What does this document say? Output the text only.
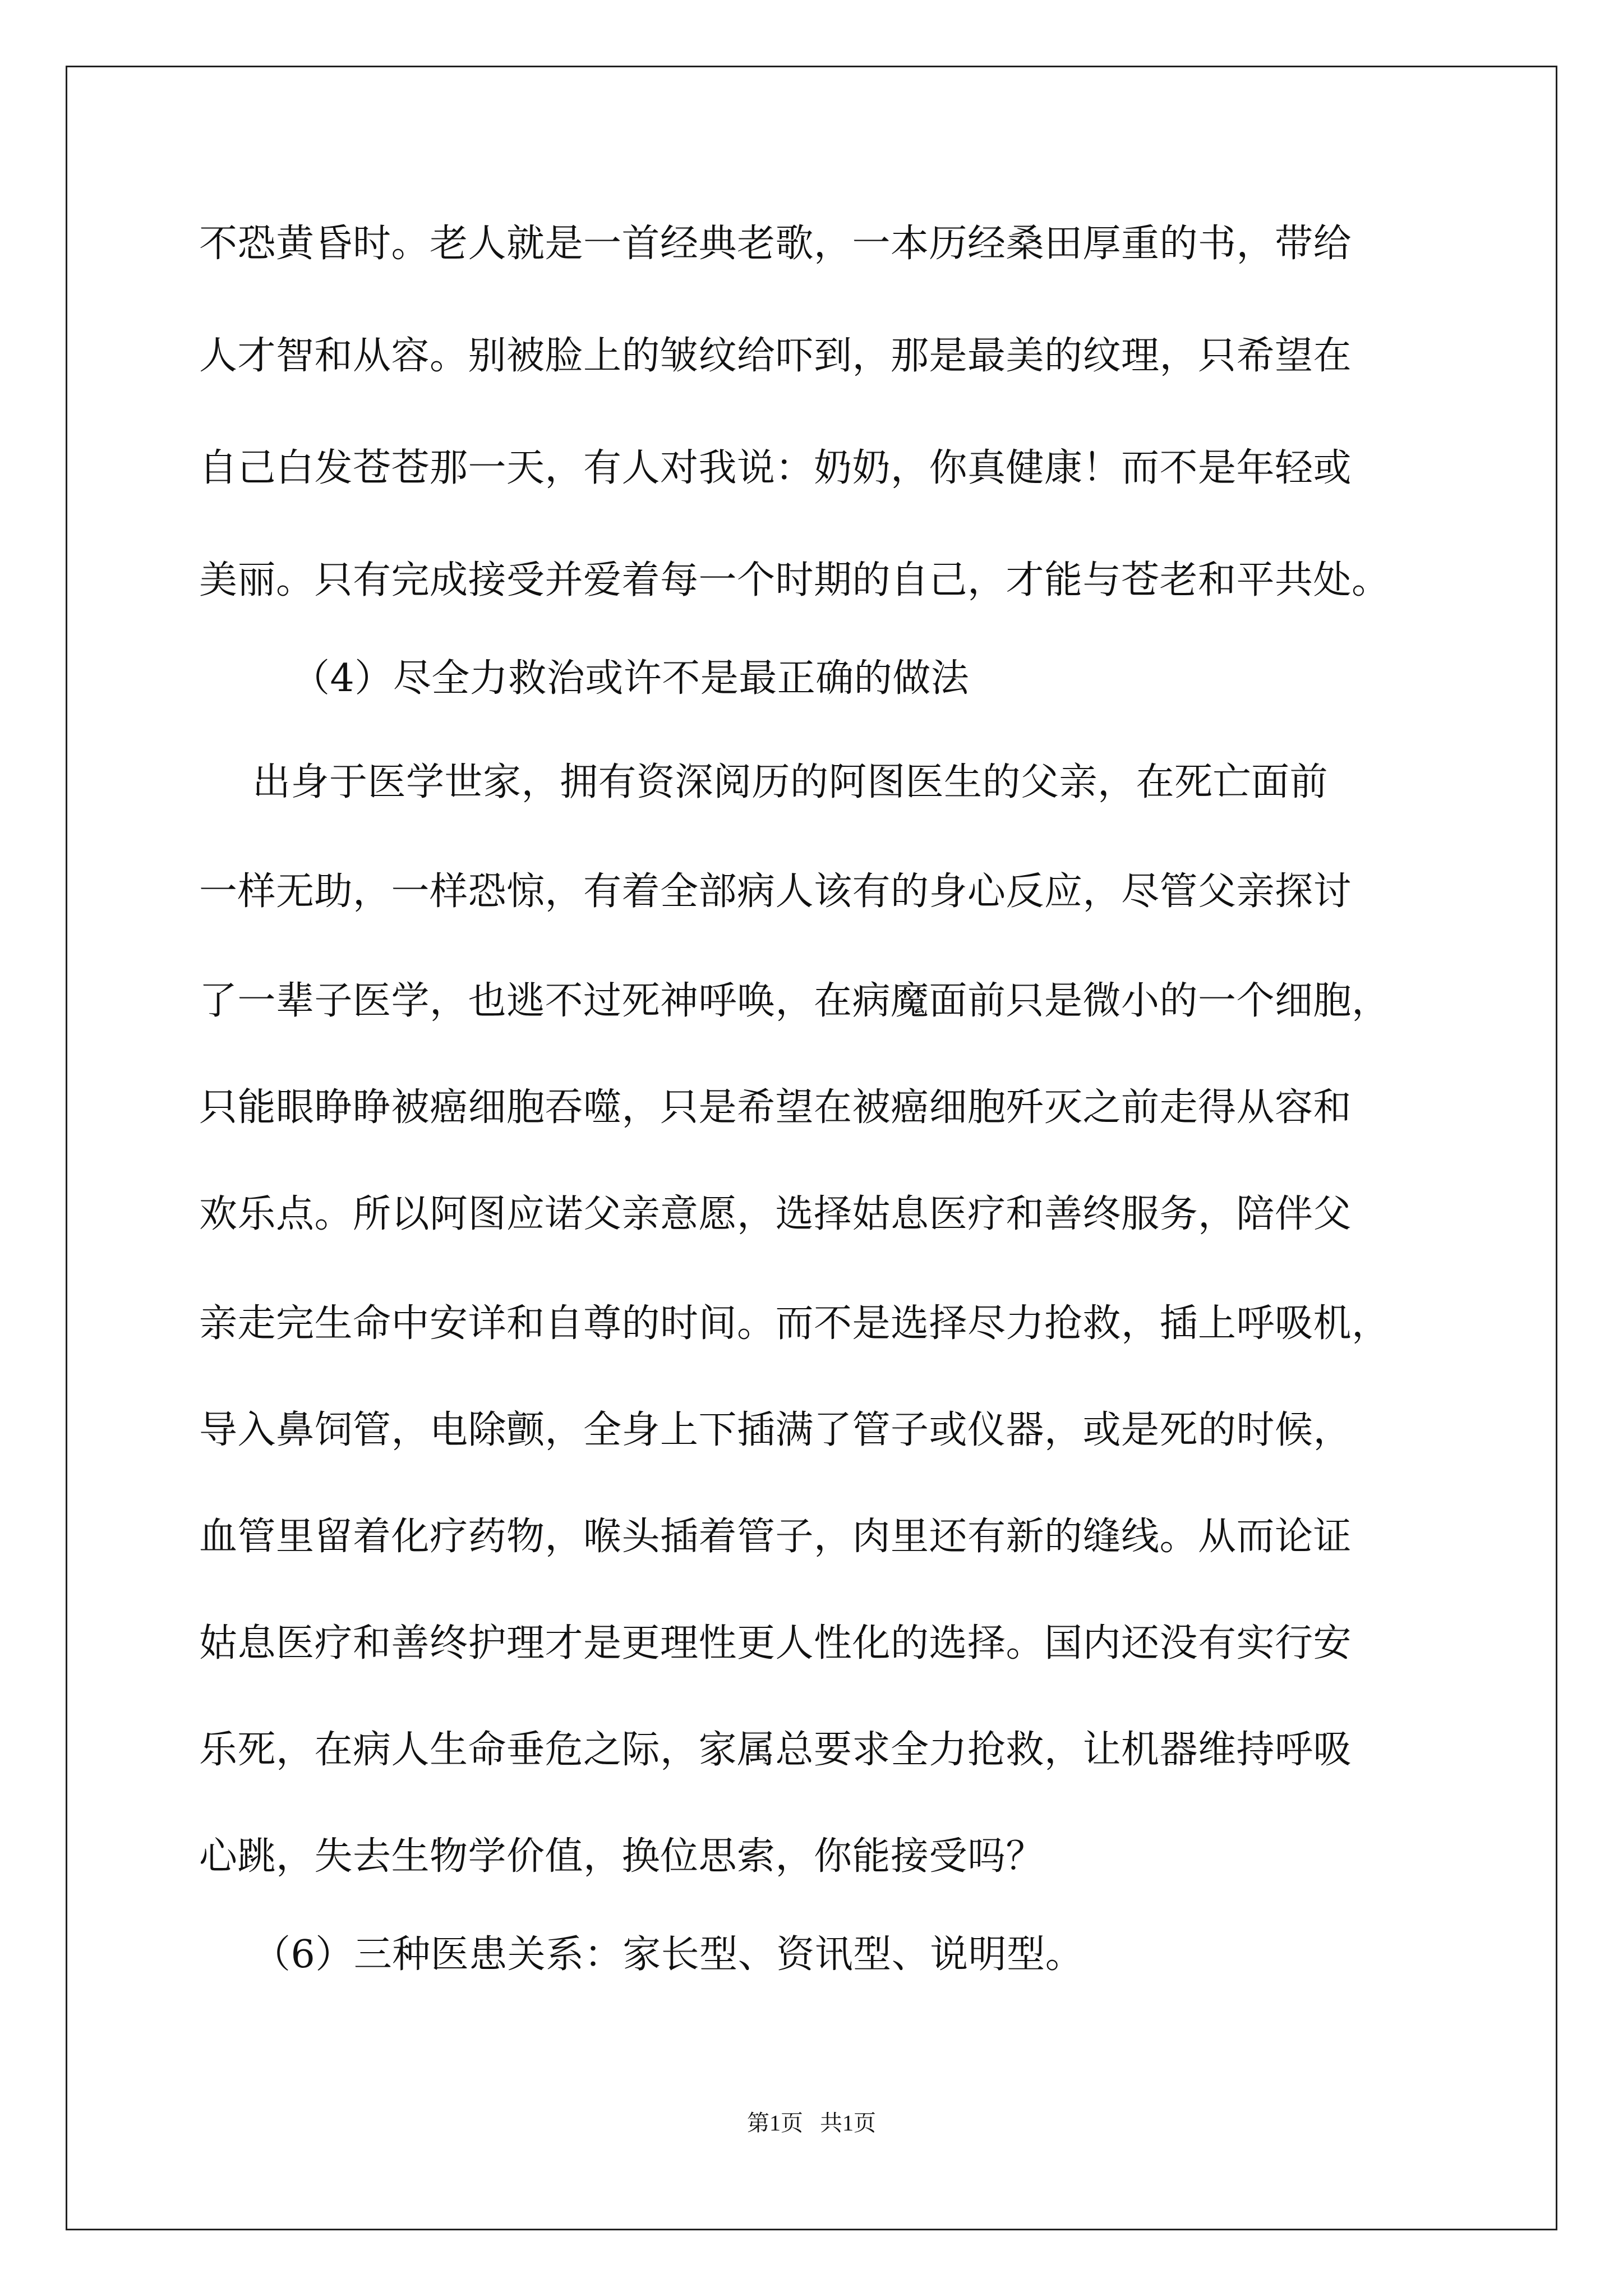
不恐黄昏时。老人就是一首经典老歌，一本历经桑田厚重的书，带给
人才智和从容。别被脸上的皱纹给吓到，那是最美的纹理，只希望在
自己白发苍苍那一天，有人对我说：奶奶，你真健康！而不是年轻或
美丽。只有完成接受并爱着每一个时期的自己，才能与苍老和平共处。
（4）尽全力救治或许不是最正确的做法
出身于医学世家，拥有资深阅历的阿图医生的父亲，在死亡面前
一样无助，一样恐惊，有着全部病人该有的身心反应，尽管父亲探讨
了一辈子医学，也逃不过死神呼唤，在病魔面前只是微小的一个细胞，
只能眼睁睁被癌细胞吞噬，只是希望在被癌细胞歼灭之前走得从容和
欢乐点。所以阿图应诺父亲意愿，选择姑息医疗和善终服务，陪伴父
亲走完生命中安详和自尊的时间。而不是选择尽力抢救，插上呼吸机，
导入鼻饲管，电除颤，全身上下插满了管子或仪器，或是死的时候，
血管里留着化疗药物，喉头插着管子，肉里还有新的缝线。从而论证
姑息医疗和善终护理才是更理性更人性化的选择。国内还没有实行安
乐死，在病人生命垂危之际，家属总要求全力抢救，让机器维持呼吸
心跳，失去生物学价值，换位思索，你能接受吗？
（6）三种医患关系：家长型、资讯型、说明型。
第1页   共1页
